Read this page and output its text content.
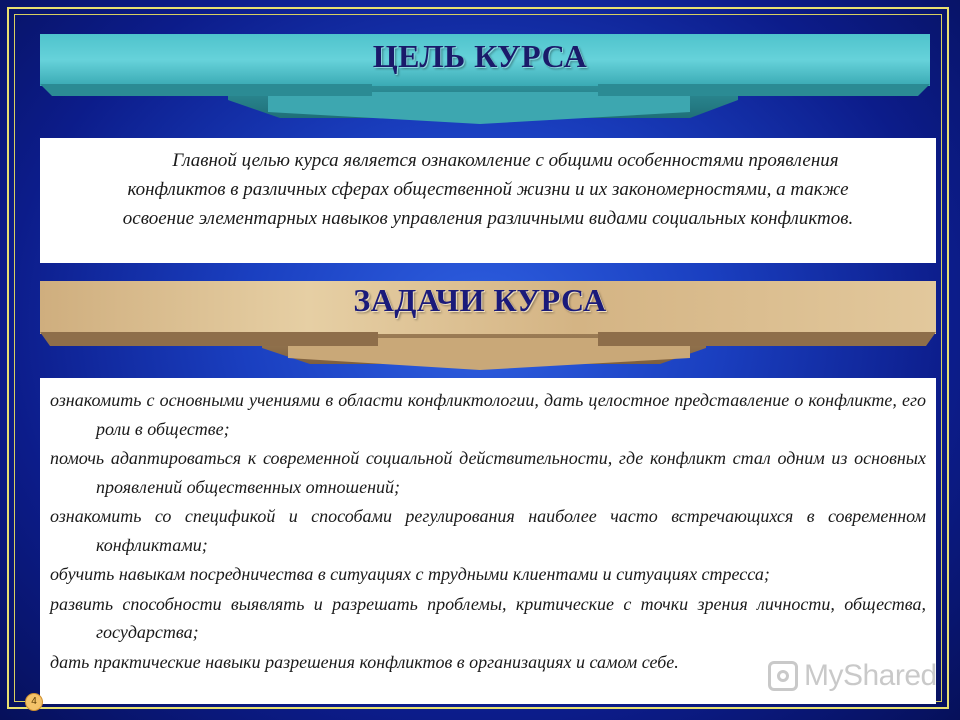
ЦЕЛЬ КУРСА
ЗАДАЧИ КУРСА

Главной целью курса является ознакомление с общими особенностями проявления конфликтов в различных сферах общественной жизни и их закономерностями, а также освоение элементарных навыков управления различными видами социальных конфликтов.

ознакомить с основными учениями в области конфликтологии, дать целостное представление о конфликте, его роли в обществе;
помочь адаптироваться к современной социальной действительности, где конфликт стал одним из основных проявлений общественных отношений;
ознакомить со спецификой и способами регулирования наиболее часто встречающихся в современном конфликтами;
обучить навыкам посредничества в ситуациях с трудными клиентами и ситуациях стресса;
развить способности выявлять и разрешать проблемы, критические с точки зрения личности, общества, государства;
дать практические навыки разрешения конфликтов в организациях и самом себе.	MyShared
4
